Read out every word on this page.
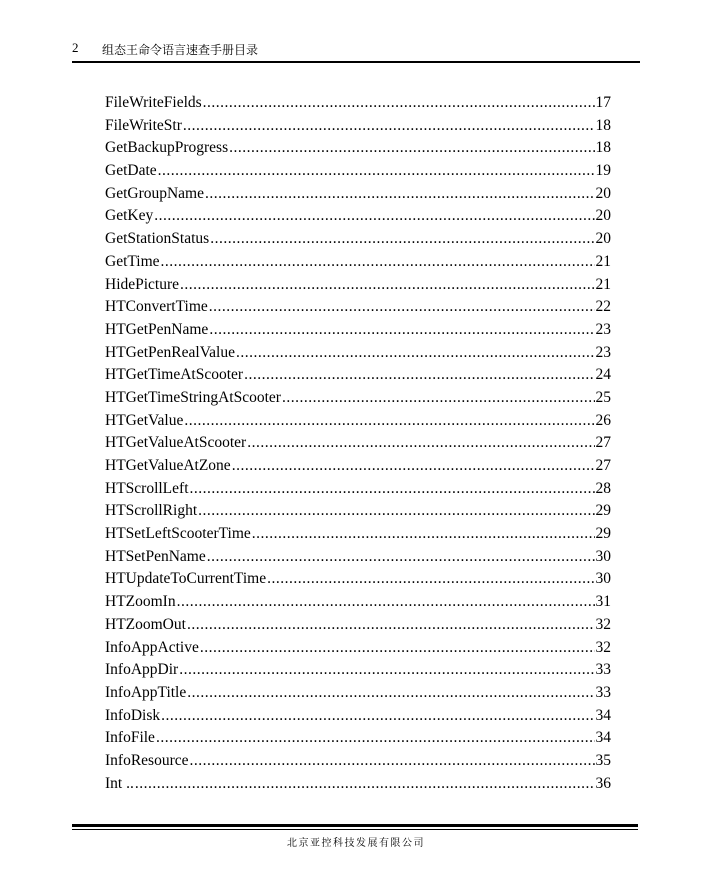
2 组态王命令语言速查手册目录
FileWriteFields .....	17
FileWriteStr .....	18
GetBackupProgress .....	18
GetDate .....	19
GetGroupName .....	20
GetKey .....	20
GetStationStatus .....	20
GetTime .....	21
HidePicture .....	21
HTConvertTime .....	22
HTGetPenName .....	23
HTGetPenRealValue .....	23
HTGetTimeAtScooter .....	24
HTGetTimeStringAtScooter .....	25
HTGetValue .....	26
HTGetValueAtScooter .....	27
HTGetValueAtZone .....	27
HTScrollLeft .....	28
HTScrollRight .....	29
HTSetLeftScooterTime .....	29
HTSetPenName .....	30
HTUpdateToCurrentTime .....	30
HTZoomIn .....	31
HTZoomOut .....	32
InfoAppActive .....	32
InfoAppDir .....	33
InfoAppTitle .....	33
InfoDisk .....	34
InfoFile .....	34
InfoResource .....	35
Int .. .....	36
北京亚控科技发展有限公司
